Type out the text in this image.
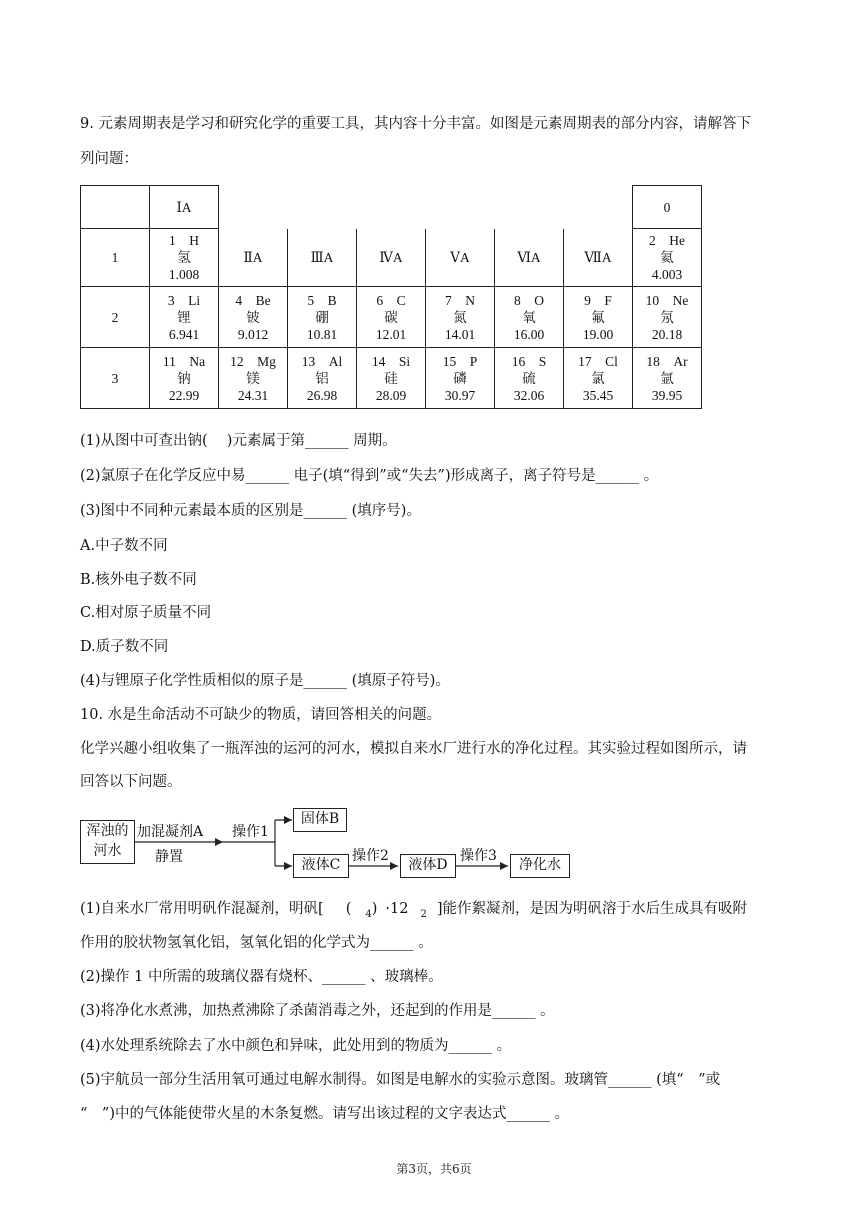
9. 元素周期表是学习和研究化学的重要工具，其内容十分丰富。如图是元素周期表的部分内容，请解答下
列问题：
	ⅠA							0
1	1　H
氢
1.008	ⅡA	ⅢA	ⅣA	ⅤA	ⅥA	ⅦA	2　He
氦
4.003

2	3　Li
锂
6.941	4　Be
铍
9.012	5　B
硼
10.81	6　C
碳
12.01	7　N
氮
14.01	8　O
氧
16.00	9　F
氟
19.00	10　Ne
氖
20.18

3	11　Na
钠
22.99	12　Mg
镁
24.31	13　Al
铝
26.98	14　Si
硅
28.09	15　P
磷
30.97	16　S
硫
32.06	17　Cl
氯
35.45	18　Ar
氩
39.95
(1)从图中可查出钠(　 )元素属于第______ 周期。
(2)氯原子在化学反应中易______ 电子(填“得到”或“失去”)形成离子，离子符号是______ 。
(3)图中不同种元素最本质的区别是______ (填序号)。
A.中子数不同
B.核外电子数不同
C.相对原子质量不同
D.质子数不同
(4)与锂原子化学性质相似的原子是______ (填原子符号)。
10. 水是生命活动不可缺少的物质，请回答相关的问题。
化学兴趣小组收集了一瓶浑浊的运河的河水，模拟自来水厂进行水的净化过程。其实验过程如图所示，请
回答以下问题。
浑浊的
河水
加混凝剂A
静置
操作1
固体B
液体C
操作2
液体D
操作3
净化水
(1)自来水厂常用明矾作混凝剂，明矾[ ( $_4$) ·12 $_2$ ]能作絮凝剂，是因为明矾溶于水后生成具有吸附
作用的胶状物氢氧化铝，氢氧化铝的化学式为______ 。
(2)操作 1 中所需的玻璃仪器有烧杯、______ 、玻璃棒。
(3)将净化水煮沸，加热煮沸除了杀菌消毒之外，还起到的作用是______ 。
(4)水处理系统除去了水中颜色和异味，此处用到的物质为______ 。
(5)宇航员一部分生活用氧可通过电解水制得。如图是电解水的实验示意图。玻璃管______ (填“　”或
“　”)中的气体能使带火星的木条复燃。请写出该过程的文字表达式______ 。
第3页，共6页
